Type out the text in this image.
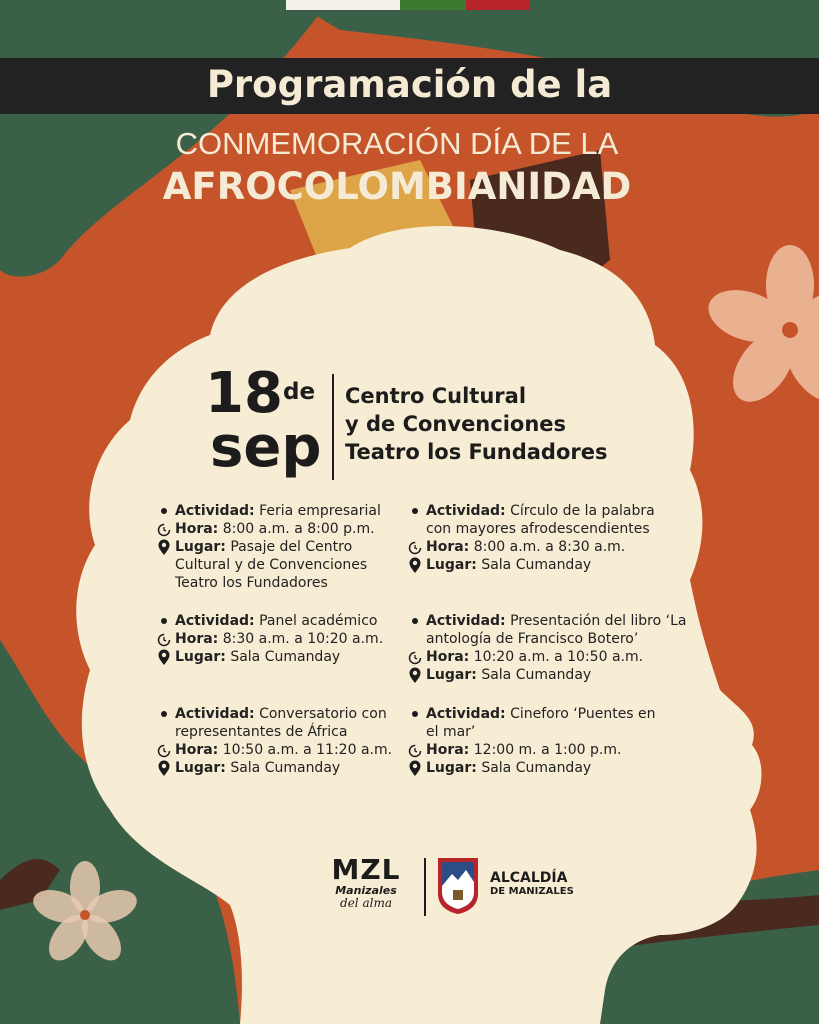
Programación de la
CONMEMORACIÓN DÍA DE LA
AFROCOLOMBIANIDAD
18 de
sep
Centro Cultural
y de Convenciones
Teatro los Fundadores
Actividad: Feria empresarial
Hora: 8:00 a.m. a 8:00 p.m.
Lugar: Pasaje del Centro Cultural y de Convenciones Teatro los Fundadores
Actividad: Círculo de la palabra con mayores afrodescendientes
Hora: 8:00 a.m. a 8:30 a.m.
Lugar: Sala Cumanday
Actividad: Panel académico
Hora: 8:30 a.m. a 10:20 a.m.
Lugar: Sala Cumanday
Actividad: Presentación del libro ‘La antología de Francisco Botero’
Hora: 10:20 a.m. a 10:50 a.m.
Lugar: Sala Cumanday
Actividad: Conversatorio con representantes de África
Hora: 10:50 a.m. a 11:20 a.m.
Lugar: Sala Cumanday
Actividad: Cineforo ‘Puentes en el mar’
Hora: 12:00 m. a 1:00 p.m.
Lugar: Sala Cumanday
MZL
Manizales
del alma
ALCALDÍA
DE MANIZALES
